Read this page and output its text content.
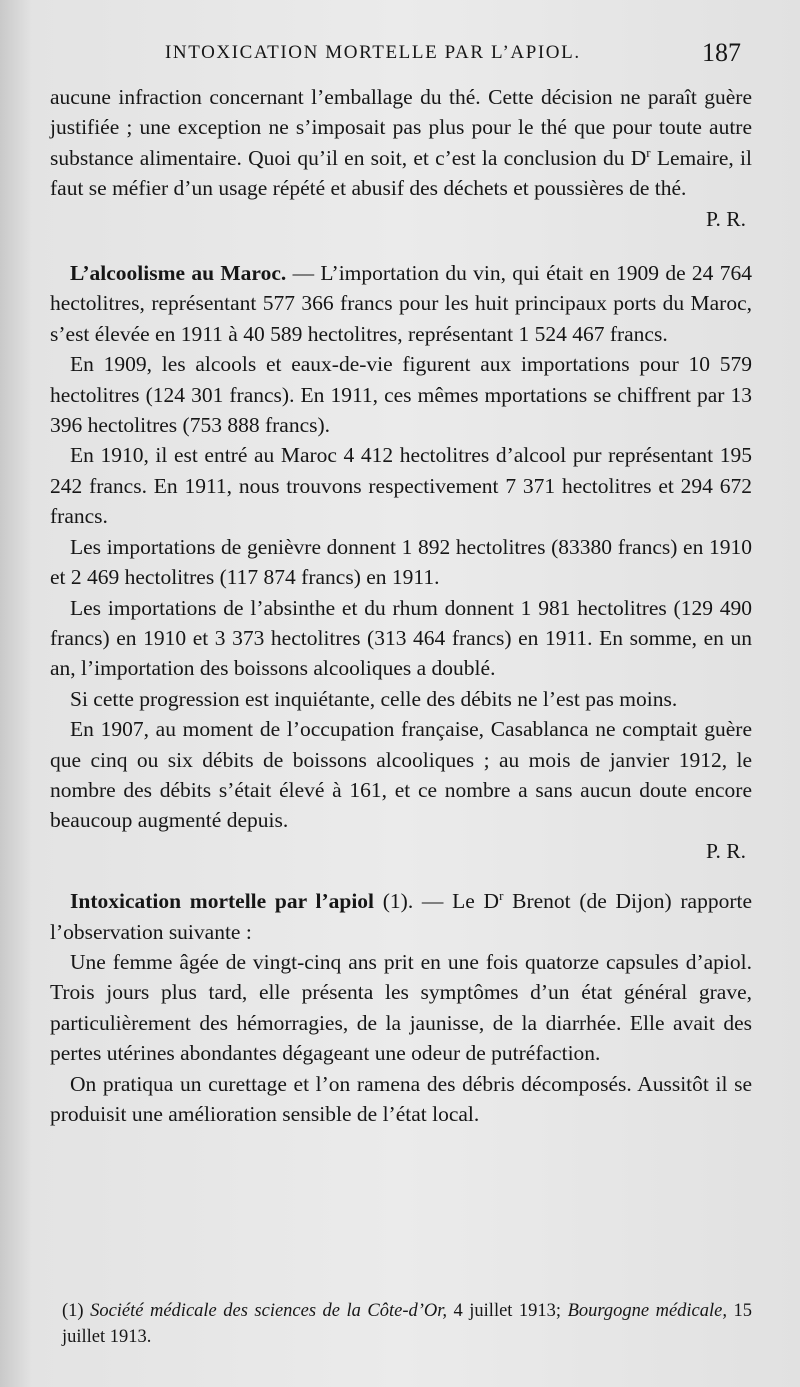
INTOXICATION MORTELLE PAR L’APIOL.	187

aucune infraction concernant l’emballage du thé. Cette décision ne paraît guère justifiée ; une exception ne s’imposait pas plus pour le thé que pour toute autre substance alimentaire. Quoi qu’il en soit, et c’est la conclusion du $D^r$ Lemaire, il faut se méfier d’un usage répété et abusif des déchets et poussières de thé.

P. R.

L’alcoolisme au Maroc. — L’importation du vin, qui était en 1909 de 24 764 hectolitres, représentant 577 366 francs pour les huit principaux ports du Maroc, s’est élevée en 1911 à 40 589 hectolitres, représentant 1 524 467 francs.

En 1909, les alcools et eaux-de-vie figurent aux importations pour 10 579 hectolitres (124 301 francs). En 1911, ces mêmes mportations se chiffrent par 13 396 hectolitres (753 888 francs).

En 1910, il est entré au Maroc 4 412 hectolitres d’alcool pur représentant 195 242 francs. En 1911, nous trouvons respectivement 7 371 hectolitres et 294 672 francs.

Les importations de genièvre donnent 1 892 hectolitres (83380 francs) en 1910 et 2 469 hectolitres (117 874 francs) en 1911.

Les importations de l’absinthe et du rhum donnent 1 981 hectolitres (129 490 francs) en 1910 et 3 373 hectolitres (313 464 francs) en 1911. En somme, en un an, l’importation des boissons alcooliques a doublé.

Si cette progression est inquiétante, celle des débits ne l’est pas moins.

En 1907, au moment de l’occupation française, Casablanca ne comptait guère que cinq ou six débits de boissons alcooliques ; au mois de janvier 1912, le nombre des débits s’était élevé à 161, et ce nombre a sans aucun doute encore beaucoup augmenté depuis.

P. R.

Intoxication mortelle par l’apiol (1). — Le $D^r$ Brenot (de Dijon) rapporte l’observation suivante :

Une femme âgée de vingt-cinq ans prit en une fois quatorze capsules d’apiol. Trois jours plus tard, elle présenta les symptômes d’un état général grave, particulièrement des hémorragies, de la jaunisse, de la diarrhée. Elle avait des pertes utérines abondantes dégageant une odeur de putréfaction.

On pratiqua un curettage et l’on ramena des débris décomposés. Aussitôt il se produisit une amélioration sensible de l’état local.

(1) Société médicale des sciences de la Côte-d’Or, 4 juillet 1913; Bourgogne médicale, 15 juillet 1913.
